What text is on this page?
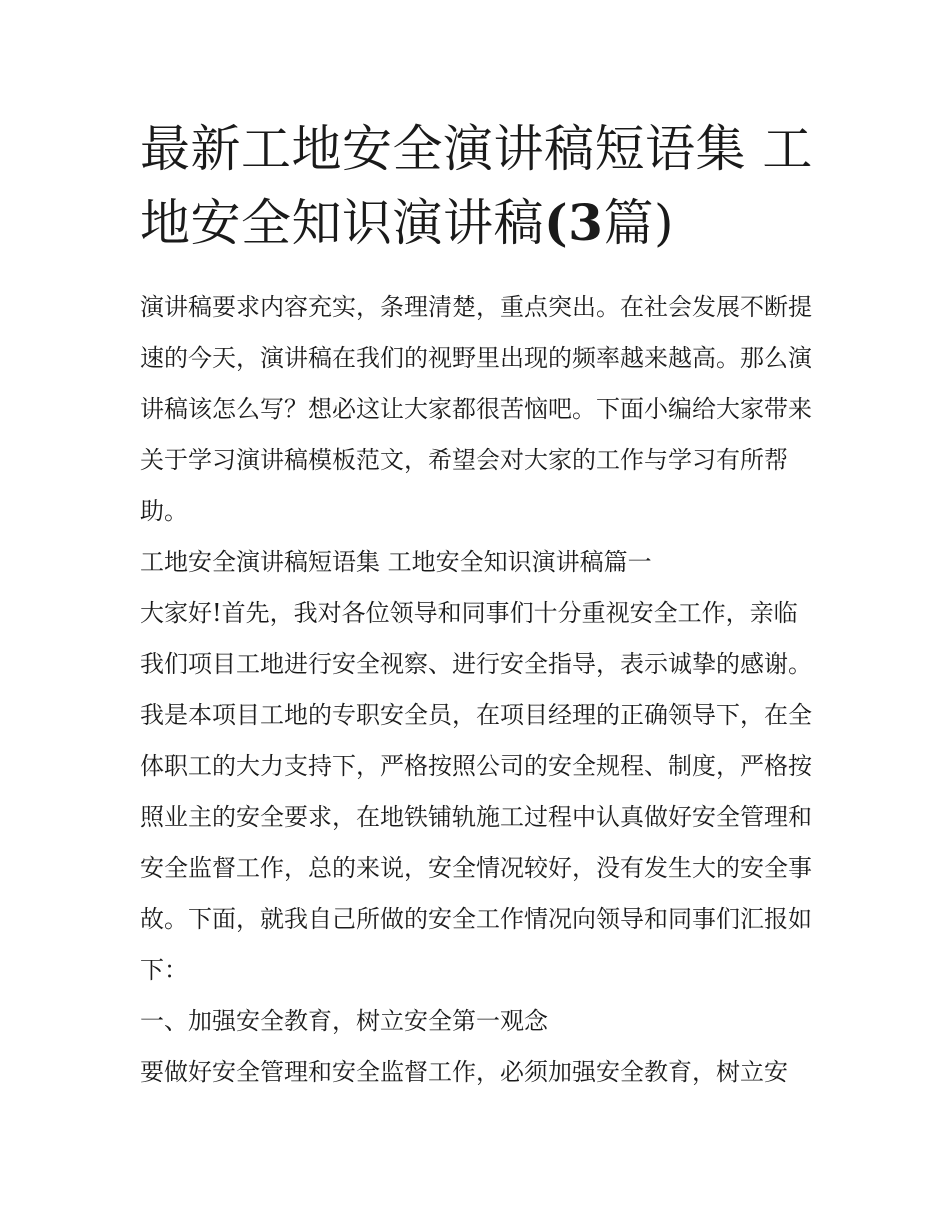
最新工地安全演讲稿短语集 工地安全知识演讲稿(3篇)

演讲稿要求内容充实，条理清楚，重点突出。在社会发展不断提速的今天，演讲稿在我们的视野里出现的频率越来越高。那么演讲稿该怎么写？想必这让大家都很苦恼吧。下面小编给大家带来关于学习演讲稿模板范文，希望会对大家的工作与学习有所帮助。

工地安全演讲稿短语集 工地安全知识演讲稿篇一

大家好!首先，我对各位领导和同事们十分重视安全工作，亲临我们项目工地进行安全视察、进行安全指导，表示诚挚的感谢。我是本项目工地的专职安全员，在项目经理的正确领导下，在全体职工的大力支持下，严格按照公司的安全规程、制度，严格按照业主的安全要求，在地铁铺轨施工过程中认真做好安全管理和安全监督工作，总的来说，安全情况较好，没有发生大的安全事故。下面，就我自己所做的安全工作情况向领导和同事们汇报如下：

一、加强安全教育，树立安全第一观念

要做好安全管理和安全监督工作，必须加强安全教育，树立安
